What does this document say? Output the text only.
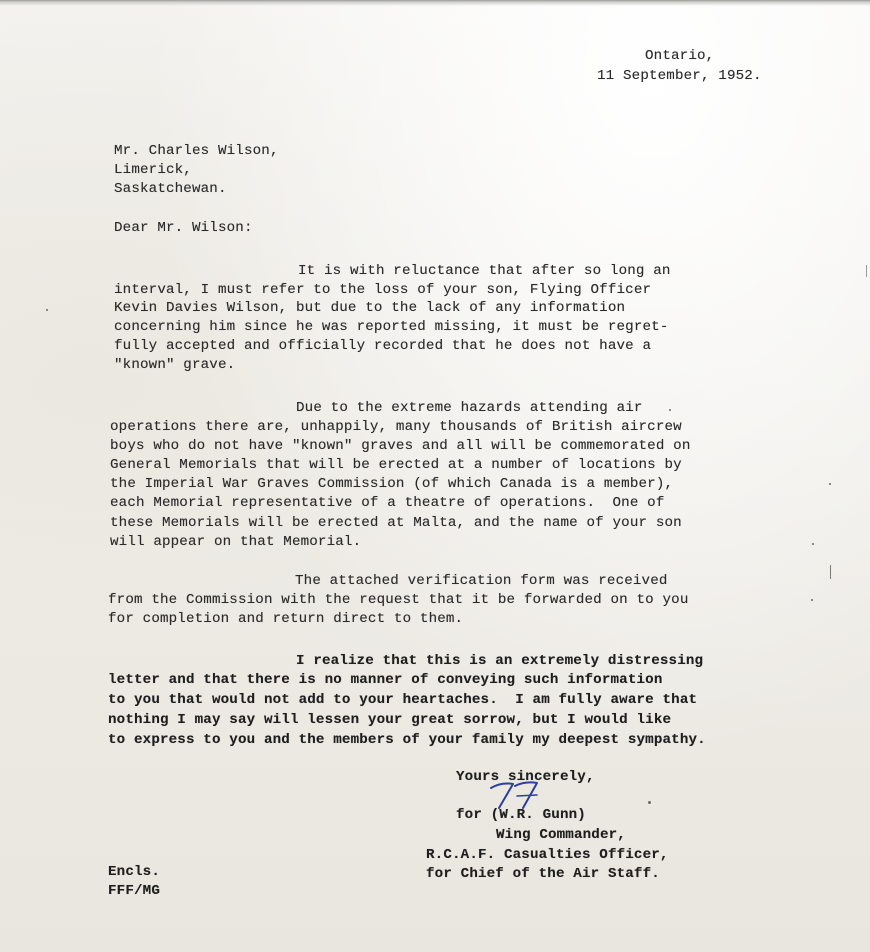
Ontario,
11 September, 1952.
Mr. Charles Wilson,
Limerick,
Saskatchewan.
Dear Mr. Wilson:
It is with reluctance that after so long an
interval, I must refer to the loss of your son, Flying Officer
Kevin Davies Wilson, but due to the lack of any information
concerning him since he was reported missing, it must be regret-
fully accepted and officially recorded that he does not have a
"known" grave.
Due to the extreme hazards attending air
operations there are, unhappily, many thousands of British aircrew
boys who do not have "known" graves and all will be commemorated on
General Memorials that will be erected at a number of locations by
the Imperial War Graves Commission (of which Canada is a member),
each Memorial representative of a theatre of operations.  One of
these Memorials will be erected at Malta, and the name of your son
will appear on that Memorial.
The attached verification form was received
from the Commission with the request that it be forwarded on to you
for completion and return direct to them.
I realize that this is an extremely distressing
letter and that there is no manner of conveying such information
to you that would not add to your heartaches.  I am fully aware that
nothing I may say will lessen your great sorrow, but I would like
to express to you and the members of your family my deepest sympathy.
Yours sincerely,
for (W.R. Gunn)
Wing Commander,
R.C.A.F. Casualties Officer,
for Chief of the Air Staff.
Encls.
FFF/MG
